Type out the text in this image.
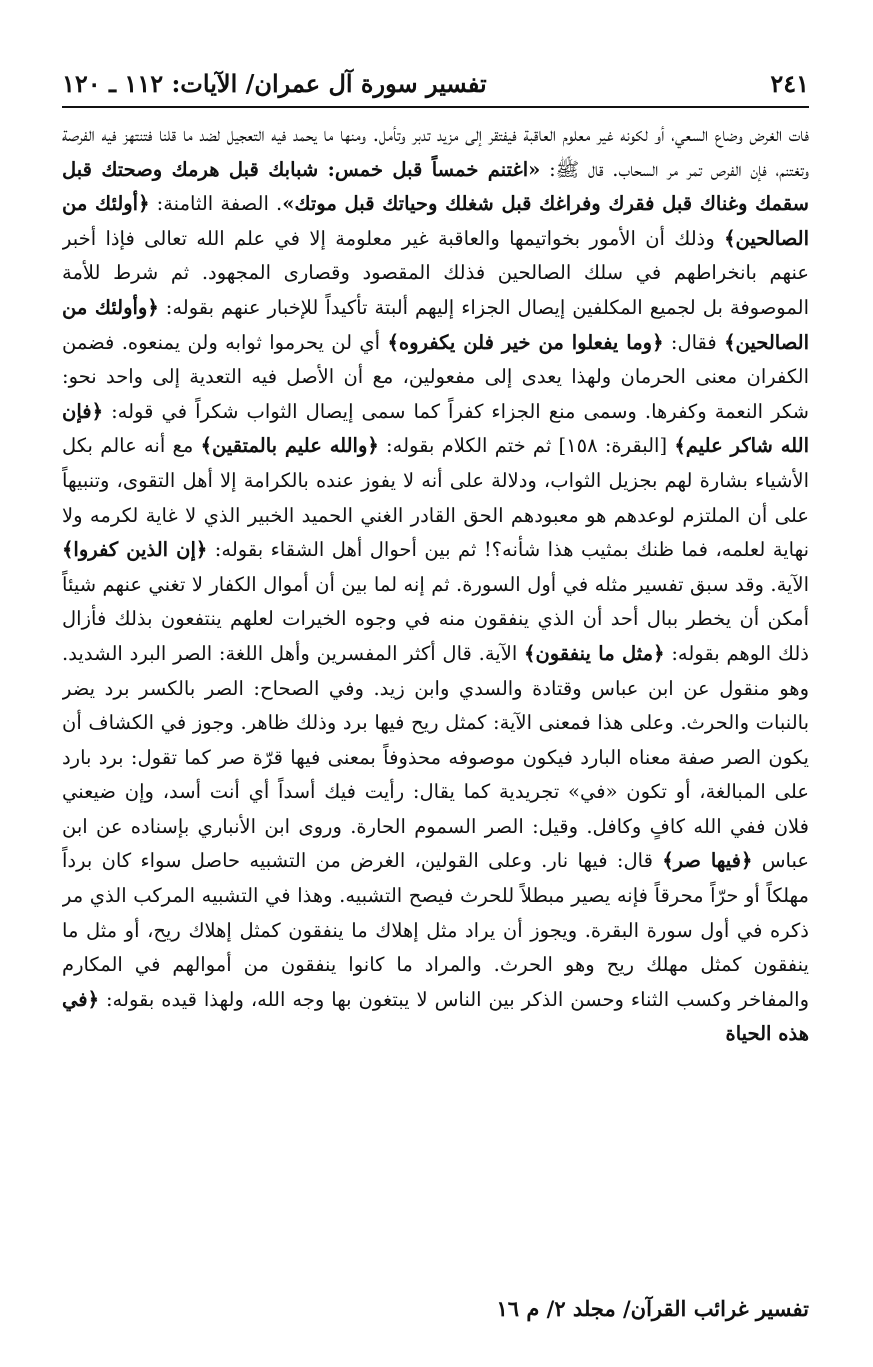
تفسير سورة آل عمران/ الآيات: ١١٢ ـ ١٢٠	٢٤١

فات الغرض وضاع السعي، أو لكونه غير معلوم العاقبة فيفتقر إلى مزيد تدبر وتأمل. ومنها ما يحمد فيه التعجيل لضد ما قلنا فتنتهز فيه الفرصة وتغتنم، فإن الفرص تمر مر السحاب. قال ﷺ: «اغتنم خمساً قبل خمس: شبابك قبل هرمك وصحتك قبل سقمك وغناك قبل فقرك وفراغك قبل شغلك وحياتك قبل موتك». الصفة الثامنة: ﴿أولئك من الصالحين﴾ وذلك أن الأمور بخواتيمها والعاقبة غير معلومة إلا في علم الله تعالى فإذا أخبر عنهم بانخراطهم في سلك الصالحين فذلك المقصود وقصارى المجهود. ثم شرط للأمة الموصوفة بل لجميع المكلفين إيصال الجزاء إليهم ألبتة تأكيداً للإخبار عنهم بقوله: ﴿وأولئك من الصالحين﴾ فقال: ﴿وما يفعلوا من خير فلن يكفروه﴾ أي لن يحرموا ثوابه ولن يمنعوه. فضمن الكفران معنى الحرمان ولهذا يعدى إلى مفعولين، مع أن الأصل فيه التعدية إلى واحد نحو: شكر النعمة وكفرها. وسمى منع الجزاء كفراً كما سمى إيصال الثواب شكراً في قوله: ﴿فإن الله شاكر عليم﴾ [البقرة: ١٥٨] ثم ختم الكلام بقوله: ﴿والله عليم بالمتقين﴾ مع أنه عالم بكل الأشياء بشارة لهم بجزيل الثواب، ودلالة على أنه لا يفوز عنده بالكرامة إلا أهل التقوى، وتنبيهاً على أن الملتزم لوعدهم هو معبودهم الحق القادر الغني الحميد الخبير الذي لا غاية لكرمه ولا نهاية لعلمه، فما ظنك بمثيب هذا شأنه؟! ثم بين أحوال أهل الشقاء بقوله: ﴿إن الذين كفروا﴾ الآية. وقد سبق تفسير مثله في أول السورة. ثم إنه لما بين أن أموال الكفار لا تغني عنهم شيئاً أمكن أن يخطر ببال أحد أن الذي ينفقون منه في وجوه الخيرات لعلهم ينتفعون بذلك فأزال ذلك الوهم بقوله: ﴿مثل ما ينفقون﴾ الآية. قال أكثر المفسرين وأهل اللغة: الصر البرد الشديد. وهو منقول عن ابن عباس وقتادة والسدي وابن زيد. وفي الصحاح: الصر بالكسر برد يضر بالنبات والحرث. وعلى هذا فمعنى الآية: كمثل ريح فيها برد وذلك ظاهر. وجوز في الكشاف أن يكون الصر صفة معناه البارد فيكون موصوفه محذوفاً بمعنى فيها قرّة صر كما تقول: برد بارد على المبالغة، أو تكون «في» تجريدية كما يقال: رأيت فيك أسداً أي أنت أسد، وإن ضيعني فلان ففي الله كافٍ وكافل. وقيل: الصر السموم الحارة. وروى ابن الأنباري بإسناده عن ابن عباس ﴿فيها صر﴾ قال: فيها نار. وعلى القولين، الغرض من التشبيه حاصل سواء كان برداً مهلكاً أو حرّاً محرقاً فإنه يصير مبطلاً للحرث فيصح التشبيه. وهذا في التشبيه المركب الذي مر ذكره في أول سورة البقرة. ويجوز أن يراد مثل إهلاك ما ينفقون كمثل إهلاك ريح، أو مثل ما ينفقون كمثل مهلك ريح وهو الحرث. والمراد ما كانوا ينفقون من أموالهم في المكارم والمفاخر وكسب الثناء وحسن الذكر بين الناس لا يبتغون بها وجه الله، ولهذا قيده بقوله: ﴿في هذه الحياة

تفسير غرائب القرآن/ مجلد ٢/ م ١٦
